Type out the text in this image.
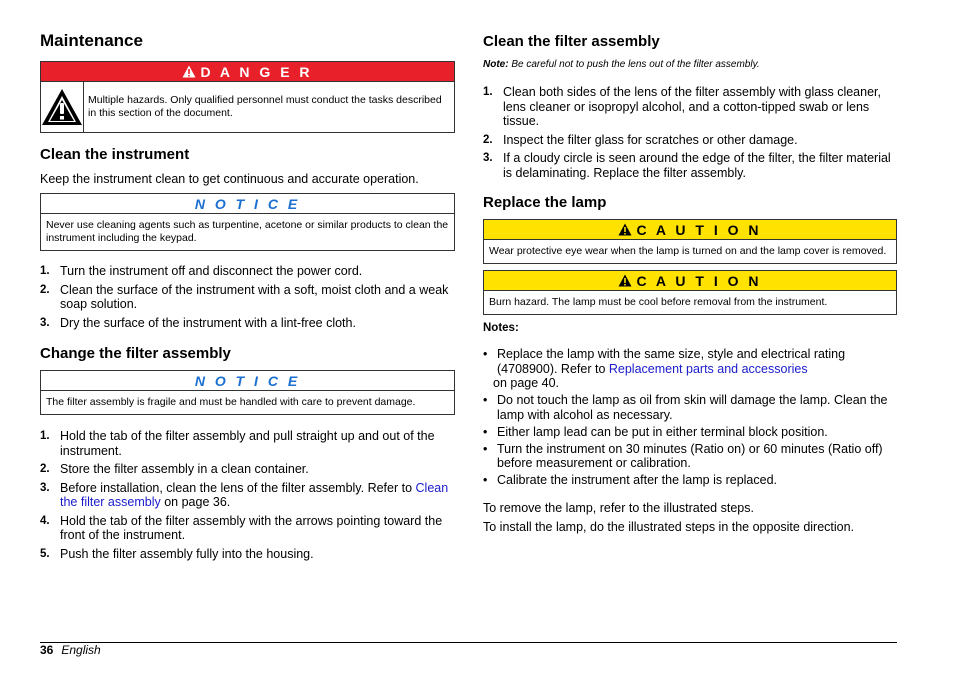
Maintenance
D A N G E R
Multiple hazards. Only qualified personnel must conduct the tasks described in this section of the document.
Clean the instrument

Keep the instrument clean to get continuous and accurate operation.

N O T I C E
Never use cleaning agents such as turpentine, acetone or similar products to clean the instrument including the keypad.
1. Turn the instrument off and disconnect the power cord.
2. Clean the surface of the instrument with a soft, moist cloth and a weak soap solution.
3. Dry the surface of the instrument with a lint-free cloth.
Change the filter assembly
N O T I C E
The filter assembly is fragile and must be handled with care to prevent damage.
1. Hold the tab of the filter assembly and pull straight up and out of the instrument.
2. Store the filter assembly in a clean container.
3. Before installation, clean the lens of the filter assembly. Refer to Clean the filter assembly on page 36.
4. Hold the tab of the filter assembly with the arrows pointing toward the front of the instrument.
5. Push the filter assembly fully into the housing.
Clean the filter assembly

Note: Be careful not to push the lens out of the filter assembly.

1. Clean both sides of the lens of the filter assembly with glass cleaner, lens cleaner or isopropyl alcohol, and a cotton-tipped swab or lens tissue.
2. Inspect the filter glass for scratches or other damage.
3. If a cloudy circle is seen around the edge of the filter, the filter material is delaminating. Replace the filter assembly.
Replace the lamp
C A U T I O N
Wear protective eye wear when the lamp is turned on and the lamp cover is removed.
C A U T I O N
Burn hazard. The lamp must be cool before removal from the instrument.

Notes:

• Replace the lamp with the same size, style and electrical rating (4708900). Refer to Replacement parts and accessories
on page 40.
• Do not touch the lamp as oil from skin will damage the lamp. Clean the lamp with alcohol as necessary.
• Either lamp lead can be put in either terminal block position.
• Turn the instrument on 30 minutes (Ratio on) or 60 minutes (Ratio off) before measurement or calibration.
• Calibrate the instrument after the lamp is replaced.

To remove the lamp, refer to the illustrated steps.

To install the lamp, do the illustrated steps in the opposite direction.

36 English
